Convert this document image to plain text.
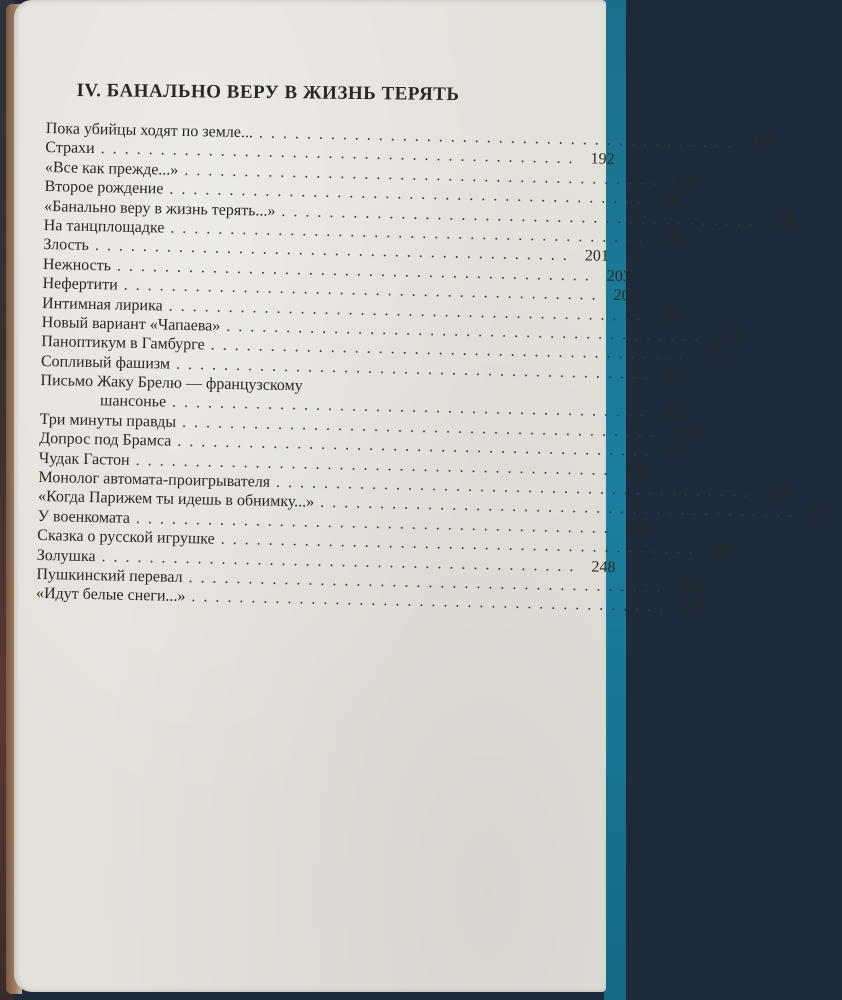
IV. БАНАЛЬНО ВЕРУ В ЖИЗНЬ ТЕРЯТЬ
Пока убийцы ходят по земле...
. . .
187
Страхи
. . .
192
«Все как прежде...»
. . .
194
Второе рождение
. . .
196
«Банально веру в жизнь терять...»
. . .
198
На танцплощадке
. . .
199
Злость
. . .
201
Нежность
. . .
203
Нефертити
. . .
204
Интимная лирика
. . .
207
Новый вариант «Чапаева»
. . .
209
Паноптикум в Гамбурге
. . .
211
Сопливый фашизм
. . .
215
Письмо Жаку Брелю — французскому
шансонье
. . .
219
Три минуты правды
. . .
224
Допрос под Брамса
. . .
227
Чудак Гастон
. . .
231
Монолог автомата-проигрывателя
. . .
234
«Когда Парижем ты идешь в обнимку...»
. . .
237
У военкомата
. . .
240
Сказка о русской игрушке
. . .
242
Золушка
. . .
248
Пушкинский перевал
. . .
250
«Идут белые снеги...»
. . .
258
